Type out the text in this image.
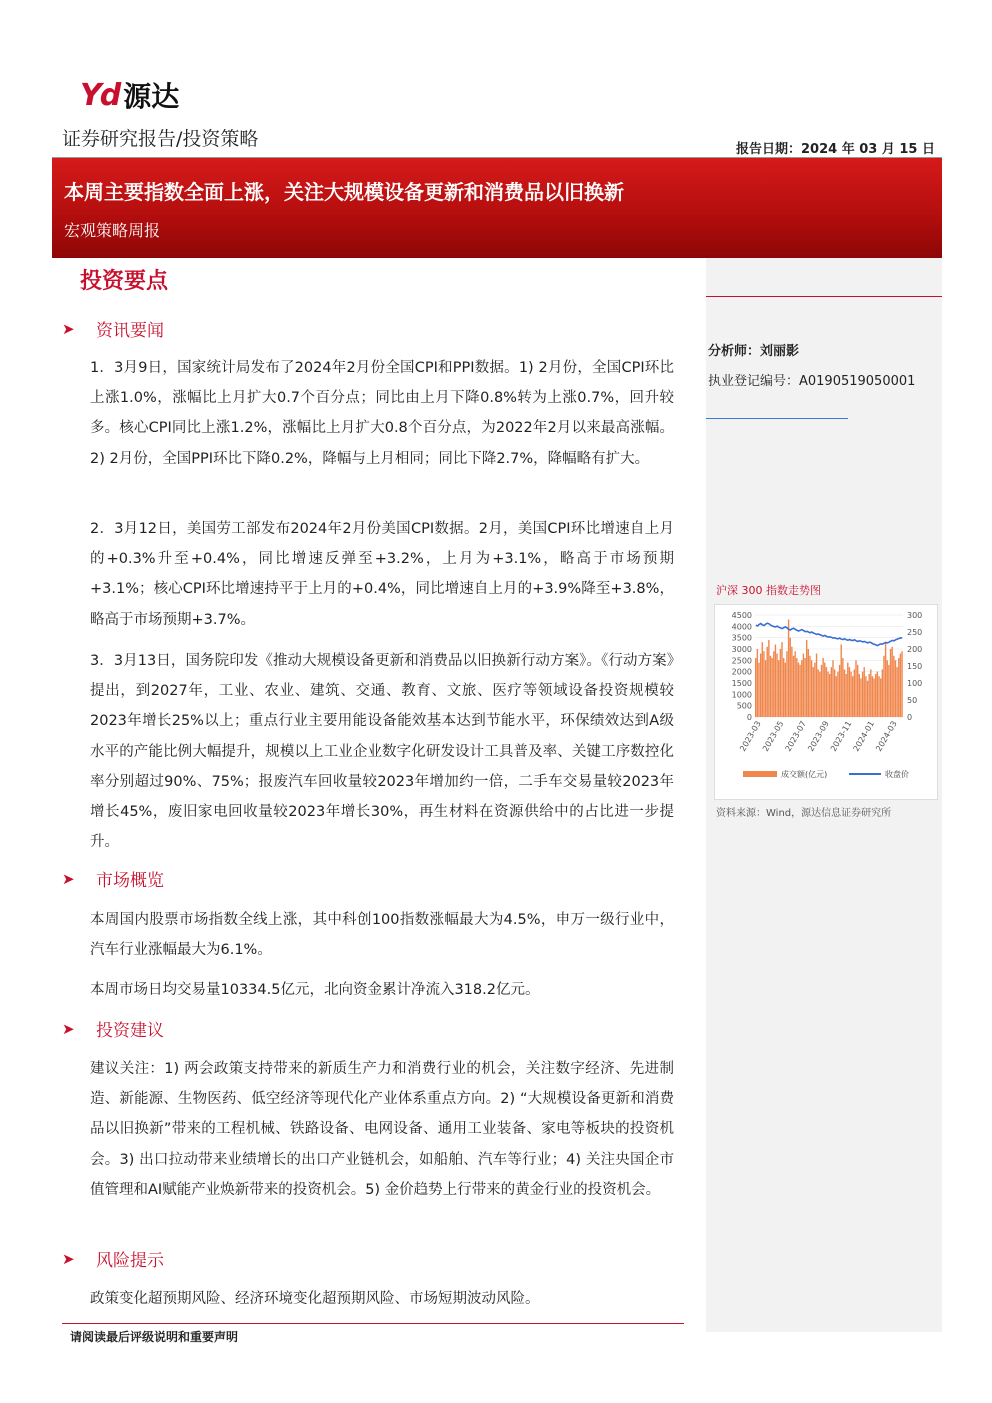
Yd 源达
证券研究报告/投资策略	报告日期：2024 年 03 月 15 日
本周主要指数全面上涨，关注大规模设备更新和消费品以旧换新
宏观策略周报
分析师：刘丽影
执业登记编号：A0190519050001
沪深 300 指数走势图
0
500
1000
1500
2000
2500
3000
3500
4000
4500
0
50
100
150
200
250
300
2023-03
2023-05
2023-07
2023-09
2023-11
2024-01
2024-03
成交额(亿元)	收盘价
资料来源：Wind，源达信息证券研究所
投资要点
➤	资讯要闻

1．3月9日，国家统计局发布了2024年2月份全国CPI和PPI数据。1) 2月份，全国CPI环比上涨1.0%，涨幅比上月扩大0.7个百分点；同比由上月下降0.8%转为上涨0.7%，回升较多。核心CPI同比上涨1.2%，涨幅比上月扩大0.8个百分点，为2022年2月以来最高涨幅。2) 2月份，全国PPI环比下降0.2%，降幅与上月相同；同比下降2.7%，降幅略有扩大。

2．3月12日，美国劳工部发布2024年2月份美国CPI数据。2月，美国CPI环比增速自上月的+0.3%升至+0.4%，同比增速反弹至+3.2%，上月为+3.1%，略高于市场预期+3.1%；核心CPI环比增速持平于上月的+0.4%，同比增速自上月的+3.9%降至+3.8%，略高于市场预期+3.7%。

3．3月13日，国务院印发《推动大规模设备更新和消费品以旧换新行动方案》。《行动方案》提出，到2027年，工业、农业、建筑、交通、教育、文旅、医疗等领域设备投资规模较2023年增长25%以上；重点行业主要用能设备能效基本达到节能水平，环保绩效达到A级水平的产能比例大幅提升，规模以上工业企业数字化研发设计工具普及率、关键工序数控化率分别超过90%、75%；报废汽车回收量较2023年增加约一倍，二手车交易量较2023年增长45%，废旧家电回收量较2023年增长30%，再生材料在资源供给中的占比进一步提升。

➤	市场概览

本周国内股票市场指数全线上涨，其中科创100指数涨幅最大为4.5%，申万一级行业中，汽车行业涨幅最大为6.1%。

本周市场日均交易量10334.5亿元，北向资金累计净流入318.2亿元。

➤	投资建议

建议关注：1) 两会政策支持带来的新质生产力和消费行业的机会，关注数字经济、先进制造、新能源、生物医药、低空经济等现代化产业体系重点方向。2) “大规模设备更新和消费品以旧换新”带来的工程机械、铁路设备、电网设备、通用工业装备、家电等板块的投资机会。3) 出口拉动带来业绩增长的出口产业链机会，如船舶、汽车等行业；4) 关注央国企市值管理和AI赋能产业焕新带来的投资机会。5) 金价趋势上行带来的黄金行业的投资机会。

➤	风险提示

政策变化超预期风险、经济环境变化超预期风险、市场短期波动风险。

请阅读最后评级说明和重要声明
